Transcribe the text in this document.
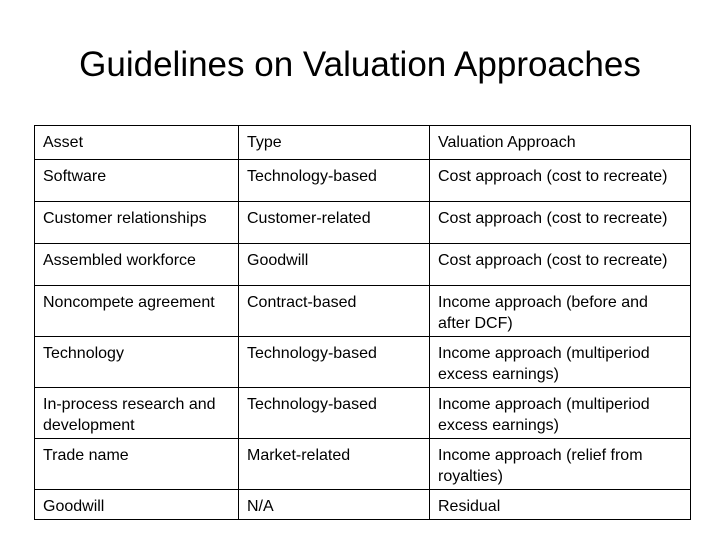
Guidelines on Valuation Approaches
Asset	Type	Valuation Approach
Software	Technology-based	Cost approach (cost to recreate)
Customer relationships	Customer-related	Cost approach (cost to recreate)
Assembled workforce	Goodwill	Cost approach (cost to recreate)
Noncompete agreement	Contract-based	Income approach (before and after DCF)
Technology	Technology-based	Income approach (multiperiod excess earnings)
In-process research and development	Technology-based	Income approach (multiperiod excess earnings)
Trade name	Market-related	Income approach (relief from royalties)
Goodwill	N/A	Residual
